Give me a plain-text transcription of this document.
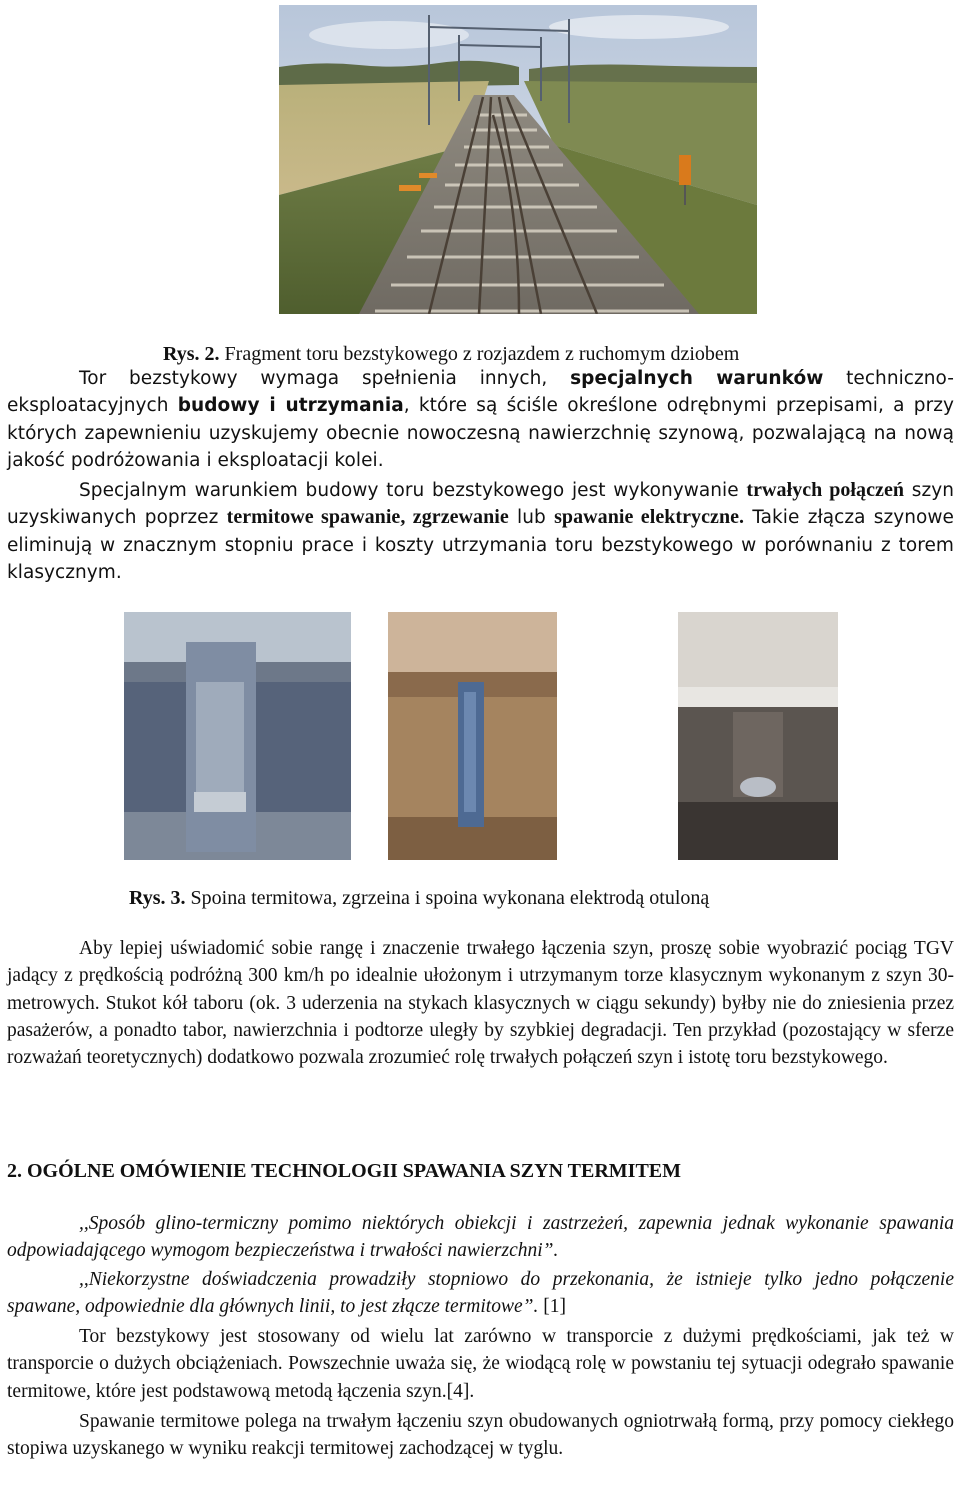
Rys. 2. Fragment toru bezstykowego z rozjazdem z ruchomym dziobem

Tor bezstykowy wymaga spełnienia innych, specjalnych warunków techniczno-eksploatacyjnych budowy i utrzymania, które są ściśle określone odrębnymi przepisami, a przy których zapewnieniu uzyskujemy obecnie nowoczesną nawierzchnię szynową, pozwalającą na nową jakość podróżowania i eksploatacji kolei.

Specjalnym warunkiem budowy toru bezstykowego jest wykonywanie trwałych połączeń szyn uzyskiwanych poprzez termitowe spawanie, zgrzewanie lub spawanie elektryczne. Takie złącza szynowe eliminują w znacznym stopniu prace i koszty utrzymania toru bezstykowego w porównaniu z torem klasycznym.

Rys. 3. Spoina termitowa, zgrzeina i spoina wykonana elektrodą otuloną

Aby lepiej uświadomić sobie rangę i znaczenie trwałego łączenia szyn, proszę sobie wyobrazić pociąg TGV jadący z prędkością podróżną 300 km/h po idealnie ułożonym i utrzymanym torze klasycznym wykonanym z szyn 30-metrowych. Stukot kół taboru (ok. 3 uderzenia na stykach klasycznych w ciągu sekundy) byłby nie do zniesienia przez pasażerów, a ponadto tabor, nawierzchnia i podtorze uległy by szybkiej degradacji. Ten przykład (pozostający w sferze rozważań teoretycznych) dodatkowo pozwala zrozumieć rolę trwałych połączeń szyn i istotę toru bezstykowego.

2. OGÓLNE OMÓWIENIE TECHNOLOGII SPAWANIA SZYN TERMITEM

,,Sposób glino-termiczny pomimo niektórych obiekcji i zastrzeżeń, zapewnia jednak wykonanie spawania odpowiadającego wymogom bezpieczeństwa i trwałości nawierzchni”.

,,Niekorzystne doświadczenia prowadziły stopniowo do przekonania, że istnieje tylko jedno połączenie spawane, odpowiednie dla głównych linii, to jest złącze termitowe”. [1]

Tor bezstykowy jest stosowany od wielu lat zarówno w transporcie z dużymi prędkościami, jak też w transporcie o dużych obciążeniach. Powszechnie uważa się, że wiodącą rolę w powstaniu tej sytuacji odegrało spawanie termitowe, które jest podstawową metodą łączenia szyn.[4].

Spawanie termitowe polega na trwałym łączeniu szyn obudowanych ogniotrwałą formą, przy pomocy ciekłego stopiwa uzyskanego w wyniku reakcji termitowej zachodzącej w tyglu.
